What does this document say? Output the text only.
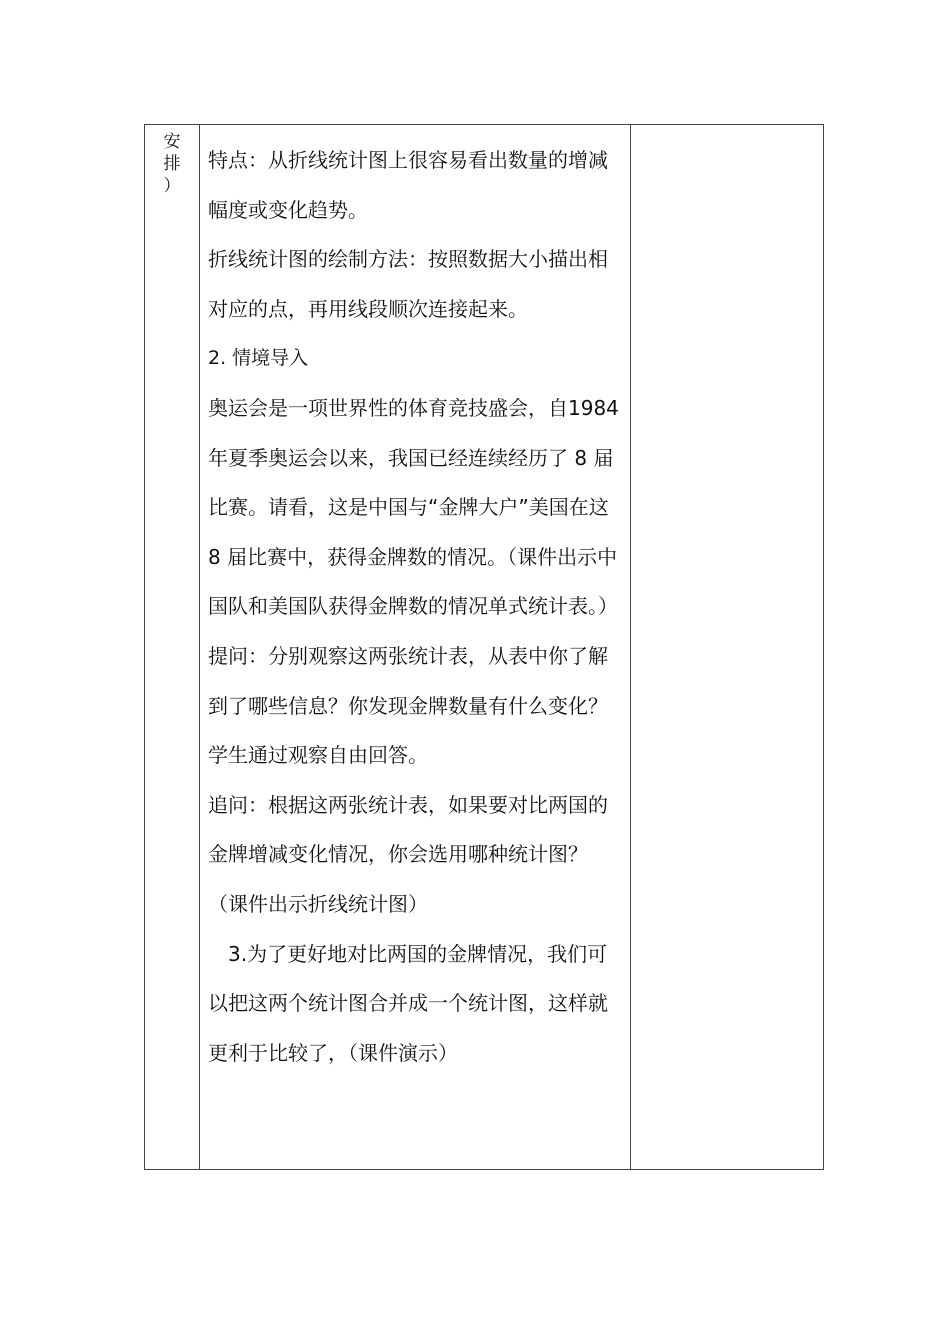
安
排
）

特点：从折线统计图上很容易看出数量的增减幅度或变化趋势。

折线统计图的绘制方法：按照数据大小描出相对应的点，再用线段顺次连接起来。

2. 情境导入

奥运会是一项世界性的体育竞技盛会，自1984 年夏季奥运会以来，我国已经连续经历了 8 届比赛。请看，这是中国与“金牌大户”美国在这 8 届比赛中，获得金牌数的情况。（课件出示中国队和美国队获得金牌数的情况单式统计表。）

提问：分别观察这两张统计表，从表中你了解到了哪些信息？你发现金牌数量有什么变化？

学生通过观察自由回答。

追问：根据这两张统计表，如果要对比两国的金牌增减变化情况，你会选用哪种统计图？（课件出示折线统计图）

3.为了更好地对比两国的金牌情况，我们可以把这两个统计图合并成一个统计图，这样就更利于比较了，（课件演示）
